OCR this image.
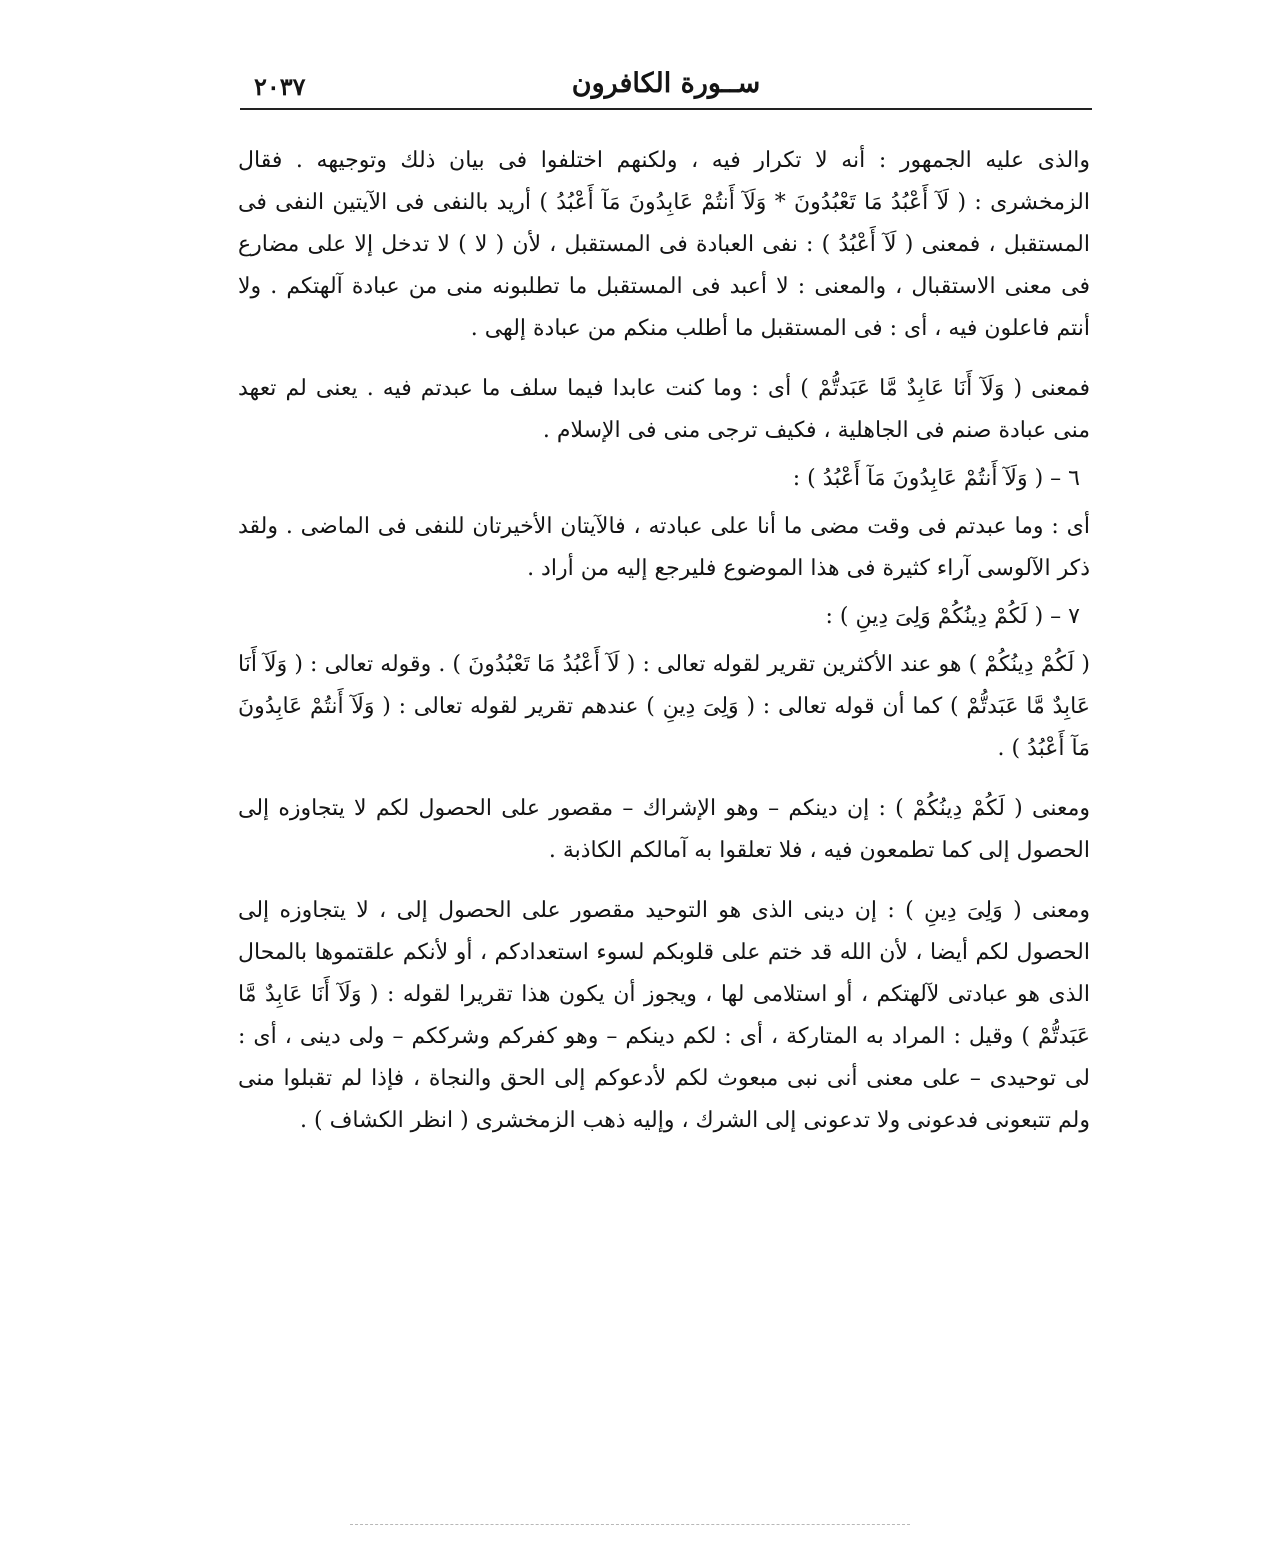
ســورة الكافرون
٢٠٣٧

والذى عليه الجمهور : أنه لا تكرار فيه ، ولكنهم اختلفوا فى بيان ذلك وتوجيهه . فقال الزمخشرى : ( لَآ أَعْبُدُ مَا تَعْبُدُونَ * وَلَآ أَنتُمْ عَابِدُونَ مَآ أَعْبُدُ ) أريد بالنفى فى الآيتين النفى فى المستقبل ، فمعنى ( لَآ أَعْبُدُ ) : نفى العبادة فى المستقبل ، لأن ( لا ) لا تدخل إلا على مضارع فى معنى الاستقبال ، والمعنى : لا أعبد فى المستقبل ما تطلبونه منى من عبادة آلهتكم . ولا أنتم فاعلون فيه ، أى : فى المستقبل ما أطلب منكم من عبادة إلهى .

فمعنى ( وَلَآ أَنَا عَابِدٌ مَّا عَبَدتُّمْ ) أى : وما كنت عابدا فيما سلف ما عبدتم فيه . يعنى لم تعهد منى عبادة صنم فى الجاهلية ، فكيف ترجى منى فى الإسلام .

٦ – ( وَلَآ أَنتُمْ عَابِدُونَ مَآ أَعْبُدُ ) :

أى : وما عبدتم فى وقت مضى ما أنا على عبادته ، فالآيتان الأخيرتان للنفى فى الماضى . ولقد ذكر الآلوسى آراء كثيرة فى هذا الموضوع فليرجع إليه من أراد .

٧ – ( لَكُمْ دِينُكُمْ وَلِىَ دِينِ ) :

( لَكُمْ دِينُكُمْ ) هو عند الأكثرين تقرير لقوله تعالى : ( لَآ أَعْبُدُ مَا تَعْبُدُونَ ) . وقوله تعالى : ( وَلَآ أَنَا عَابِدٌ مَّا عَبَدتُّمْ ) كما أن قوله تعالى : ( وَلِىَ دِينِ ) عندهم تقرير لقوله تعالى : ( وَلَآ أَنتُمْ عَابِدُونَ مَآ أَعْبُدُ ) .

ومعنى ( لَكُمْ دِينُكُمْ ) : إن دينكم – وهو الإشراك – مقصور على الحصول لكم لا يتجاوزه إلى الحصول إلى كما تطمعون فيه ، فلا تعلقوا به آمالكم الكاذبة .

ومعنى ( وَلِىَ دِينِ ) : إن دينى الذى هو التوحيد مقصور على الحصول إلى ، لا يتجاوزه إلى الحصول لكم أيضا ، لأن الله قد ختم على قلوبكم لسوء استعدادكم ، أو لأنكم علقتموها بالمحال الذى هو عبادتى لآلهتكم ، أو استلامى لها ، ويجوز أن يكون هذا تقريرا لقوله : ( وَلَآ أَنَا عَابِدٌ مَّا عَبَدتُّمْ ) وقيل : المراد به المتاركة ، أى : لكم دينكم – وهو كفركم وشرككم – ولى دينى ، أى : لى توحيدى – على معنى أنى نبى مبعوث لكم لأدعوكم إلى الحق والنجاة ، فإذا لم تقبلوا منى ولم تتبعونى فدعونى ولا تدعونى إلى الشرك ، وإليه ذهب الزمخشرى ( انظر الكشاف ) .
